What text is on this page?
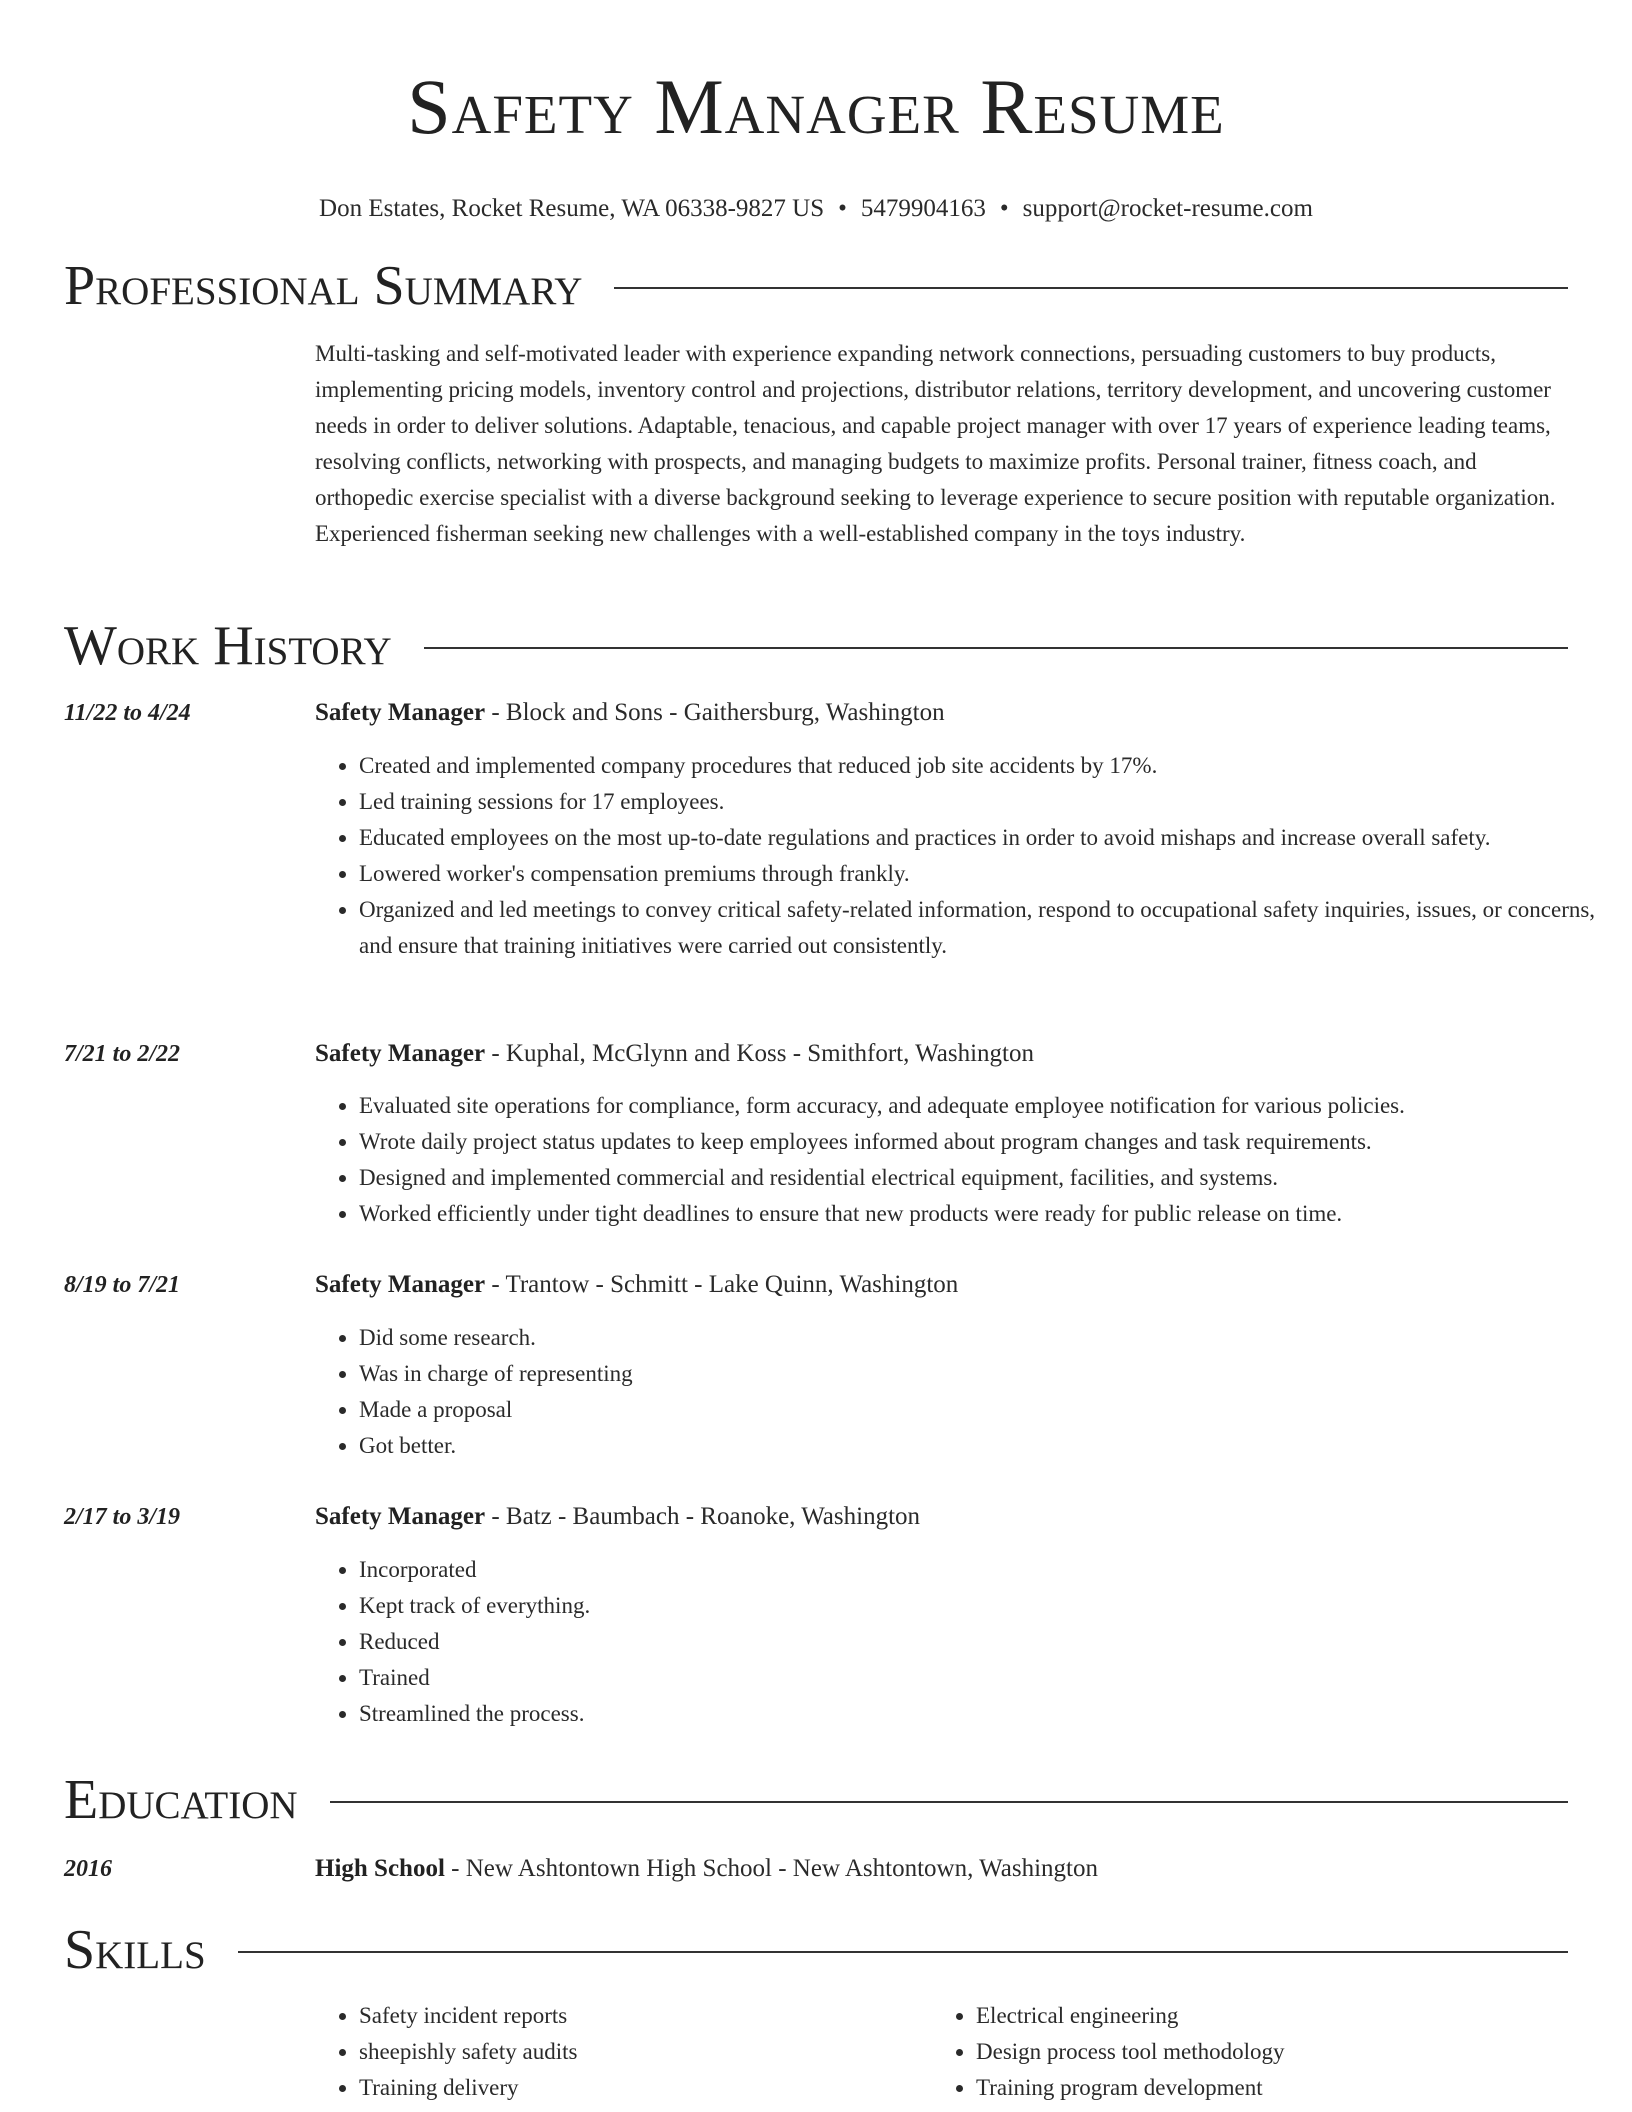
Safety Manager Resume
Don Estates, Rocket Resume, WA 06338-9827 US • 5479904163 • support@rocket-resume.com
Professional Summary

Multi-tasking and self-motivated leader with experience expanding network connections, persuading customers to buy products, implementing pricing models, inventory control and projections, distributor relations, territory development, and uncovering customer needs in order to deliver solutions. Adaptable, tenacious, and capable project manager with over 17 years of experience leading teams, resolving conflicts, networking with prospects, and managing budgets to maximize profits. Personal trainer, fitness coach, and orthopedic exercise specialist with a diverse background seeking to leverage experience to secure position with reputable organization. Experienced fisherman seeking new challenges with a well-established company in the toys industry.

Work History
11/22 to 4/24	Safety Manager - Block and Sons - Gaithersburg, Washington
• Created and implemented company procedures that reduced job site accidents by 17%.
• Led training sessions for 17 employees.
• Educated employees on the most up-to-date regulations and practices in order to avoid mishaps and increase overall safety.
• Lowered worker's compensation premiums through frankly.
• Organized and led meetings to convey critical safety-related information, respond to occupational safety inquiries, issues, or concerns, and ensure that training initiatives were carried out consistently.
7/21 to 2/22	Safety Manager - Kuphal, McGlynn and Koss - Smithfort, Washington
• Evaluated site operations for compliance, form accuracy, and adequate employee notification for various policies.
• Wrote daily project status updates to keep employees informed about program changes and task requirements.
• Designed and implemented commercial and residential electrical equipment, facilities, and systems.
• Worked efficiently under tight deadlines to ensure that new products were ready for public release on time.
8/19 to 7/21	Safety Manager - Trantow - Schmitt - Lake Quinn, Washington
• Did some research.
• Was in charge of representing
• Made a proposal
• Got better.
2/17 to 3/19	Safety Manager - Batz - Baumbach - Roanoke, Washington
• Incorporated
• Kept track of everything.
• Reduced
• Trained
• Streamlined the process.
Education
2016	High School - New Ashtontown High School - New Ashtontown, Washington
Skills
• Safety incident reports
• sheepishly safety audits
• Training delivery
• Electrical engineering
• Design process tool methodology
• Training program development
